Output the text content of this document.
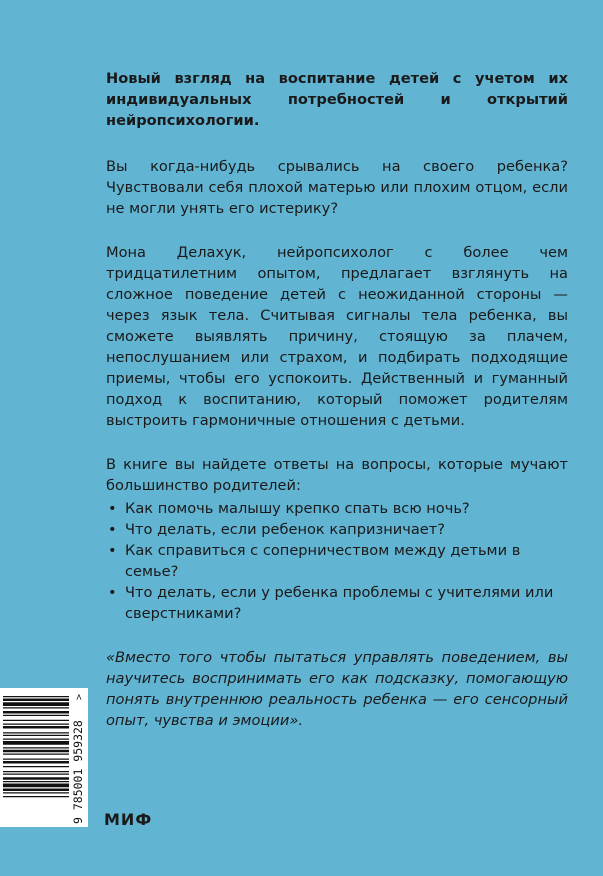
Новый взгляд на воспитание детей с учетом их индивидуальных потребностей и открытий нейропсихологии.

Вы когда-нибудь срывались на своего ребенка? Чувствовали себя плохой матерью или плохим отцом, если не могли унять его истерику?

Мона Делахук, нейропсихолог с более чем тридцатилетним опытом, предлагает взглянуть на сложное поведение детей с неожиданной стороны — через язык тела. Считывая сигналы тела ребенка, вы сможете выявлять причину, стоящую за плачем, непослушанием или страхом, и подбирать подходящие приемы, чтобы его успокоить. Действенный и гуманный подход к воспитанию, который поможет родителям выстроить гармоничные отношения с детьми.

В книге вы найдете ответы на вопросы, которые мучают большинство родителей:

• Как помочь малышу крепко спать всю ночь?
• Что делать, если ребенок капризничает?
• Как справиться с соперничеством между детьми в семье?
• Что делать, если у ребенка проблемы с учителями или сверстниками?

«Вместо того чтобы пытаться управлять поведением, вы научитесь воспринимать его как подсказку, помогающую понять внутреннюю реальность ребенка — его сенсорный опыт, чувства и эмоции».

9 785001 959328
>
МИФ
